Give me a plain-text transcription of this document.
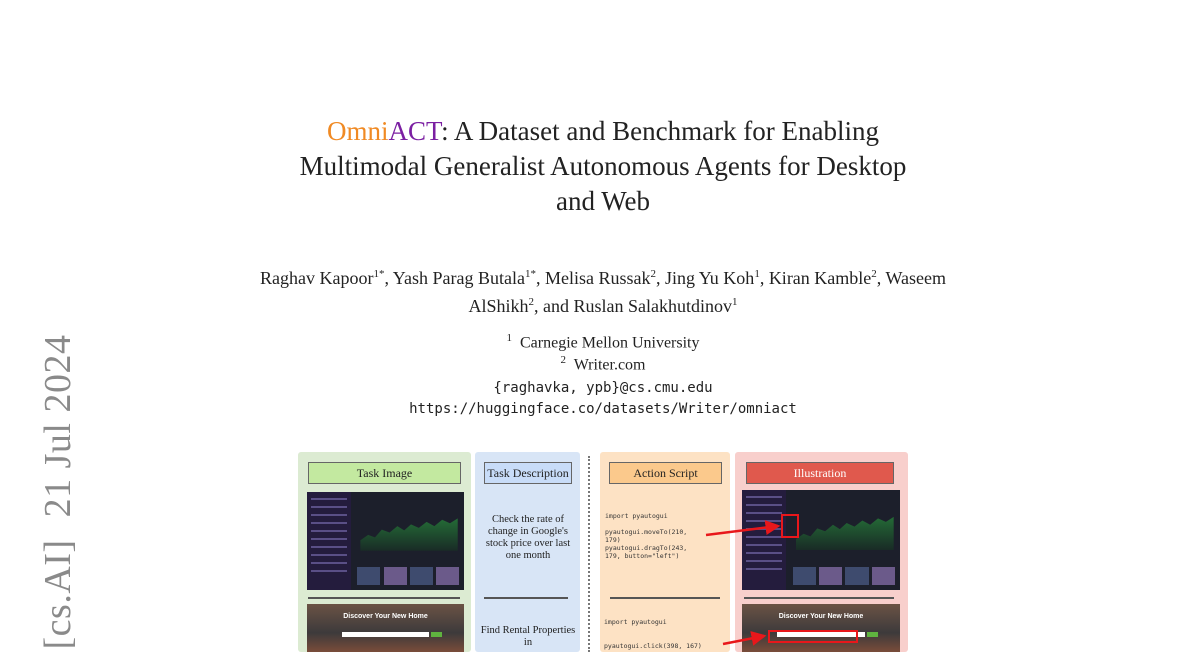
[cs.AI] 21 Jul 2024
OmniACT: A Dataset and Benchmark for Enabling
Multimodal Generalist Autonomous Agents for Desktop
and Web
Raghav Kapoor$^{1*}$, Yash Parag Butala$^{1*}$, Melisa Russak$^2$, Jing Yu Koh$^1$, Kiran Kamble$^2$, Waseem AlShikh$^2$, and Ruslan Salakhutdinov$^1$
$^1$ Carnegie Mellon University
$^2$ Writer.com
{raghavka, ypb}@cs.cmu.edu
https://huggingface.co/datasets/Writer/omniact
Task Image	Task Description	Action Script	Illustration
Check the rate of change in Google's stock price over last one month
import pyautogui
pyautogui.moveTo(210,
179)
pyautogui.dragTo(243,
179, button="left")
Discover Your New Home	Discover Your New Home
Find Rental Properties in
import pyautogui
pyautogui.click(398, 167)
